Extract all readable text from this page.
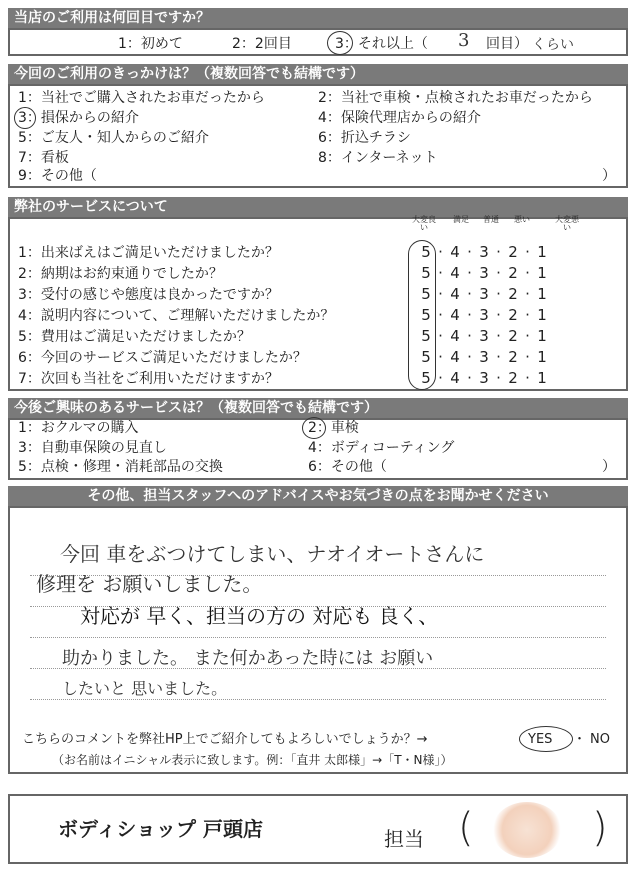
当店のご利用は何回目ですか？
1：初めて	2：2回目	3：それ以上（ 3 回目） くらい
今回のご利用のきっかけは？（複数回答でも結構です）
1：当社でご購入されたお車だったから	2：当社で車検・点検されたお車だったから
3：損保からの紹介	4：保険代理店からの紹介
5：ご友人・知人からのご紹介	6：折込チラシ
7：看板	8：インターネット
9：その他（	）
弊社のサービスについて
大変良い
満足	普通	悪い	大変悪い
1：出来ばえはご満足いただけましたか？	5 · 4 · 3 · 2 · 1
2：納期はお約束通りでしたか？	5 · 4 · 3 · 2 · 1
3：受付の感じや態度は良かったですか？	5 · 4 · 3 · 2 · 1
4：説明内容について、ご理解いただけましたか？	5 · 4 · 3 · 2 · 1
5：費用はご満足いただけましたか？	5 · 4 · 3 · 2 · 1
6：今回のサービスご満足いただけましたか？	5 · 4 · 3 · 2 · 1
7：次回も当社をご利用いただけますか？	5 · 4 · 3 · 2 · 1
今後ご興味のあるサービスは？（複数回答でも結構です）
1：おクルマの購入	2：車検
3：自動車保険の見直し	4：ボディコーティング
5：点検・修理・消耗部品の交換	6：その他（	）
その他、担当スタッフへのアドバイスやお気づきの点をお聞かせください
今回 車をぶつけてしまい、ナオイオートさんに
修理を お願いしました。
対応が 早く、担当の方の 対応も 良く、
助かりました。 また何かあった時には お願い
したいと 思いました。
こちらのコメントを弊社HP上でご紹介してもよろしいでしょうか？→	YES ・ NO
（お名前はイニシャル表示に致します。例：「直井 太郎様」→「T・N様」）
ボディショップ 戸頭店	担当 (	)
